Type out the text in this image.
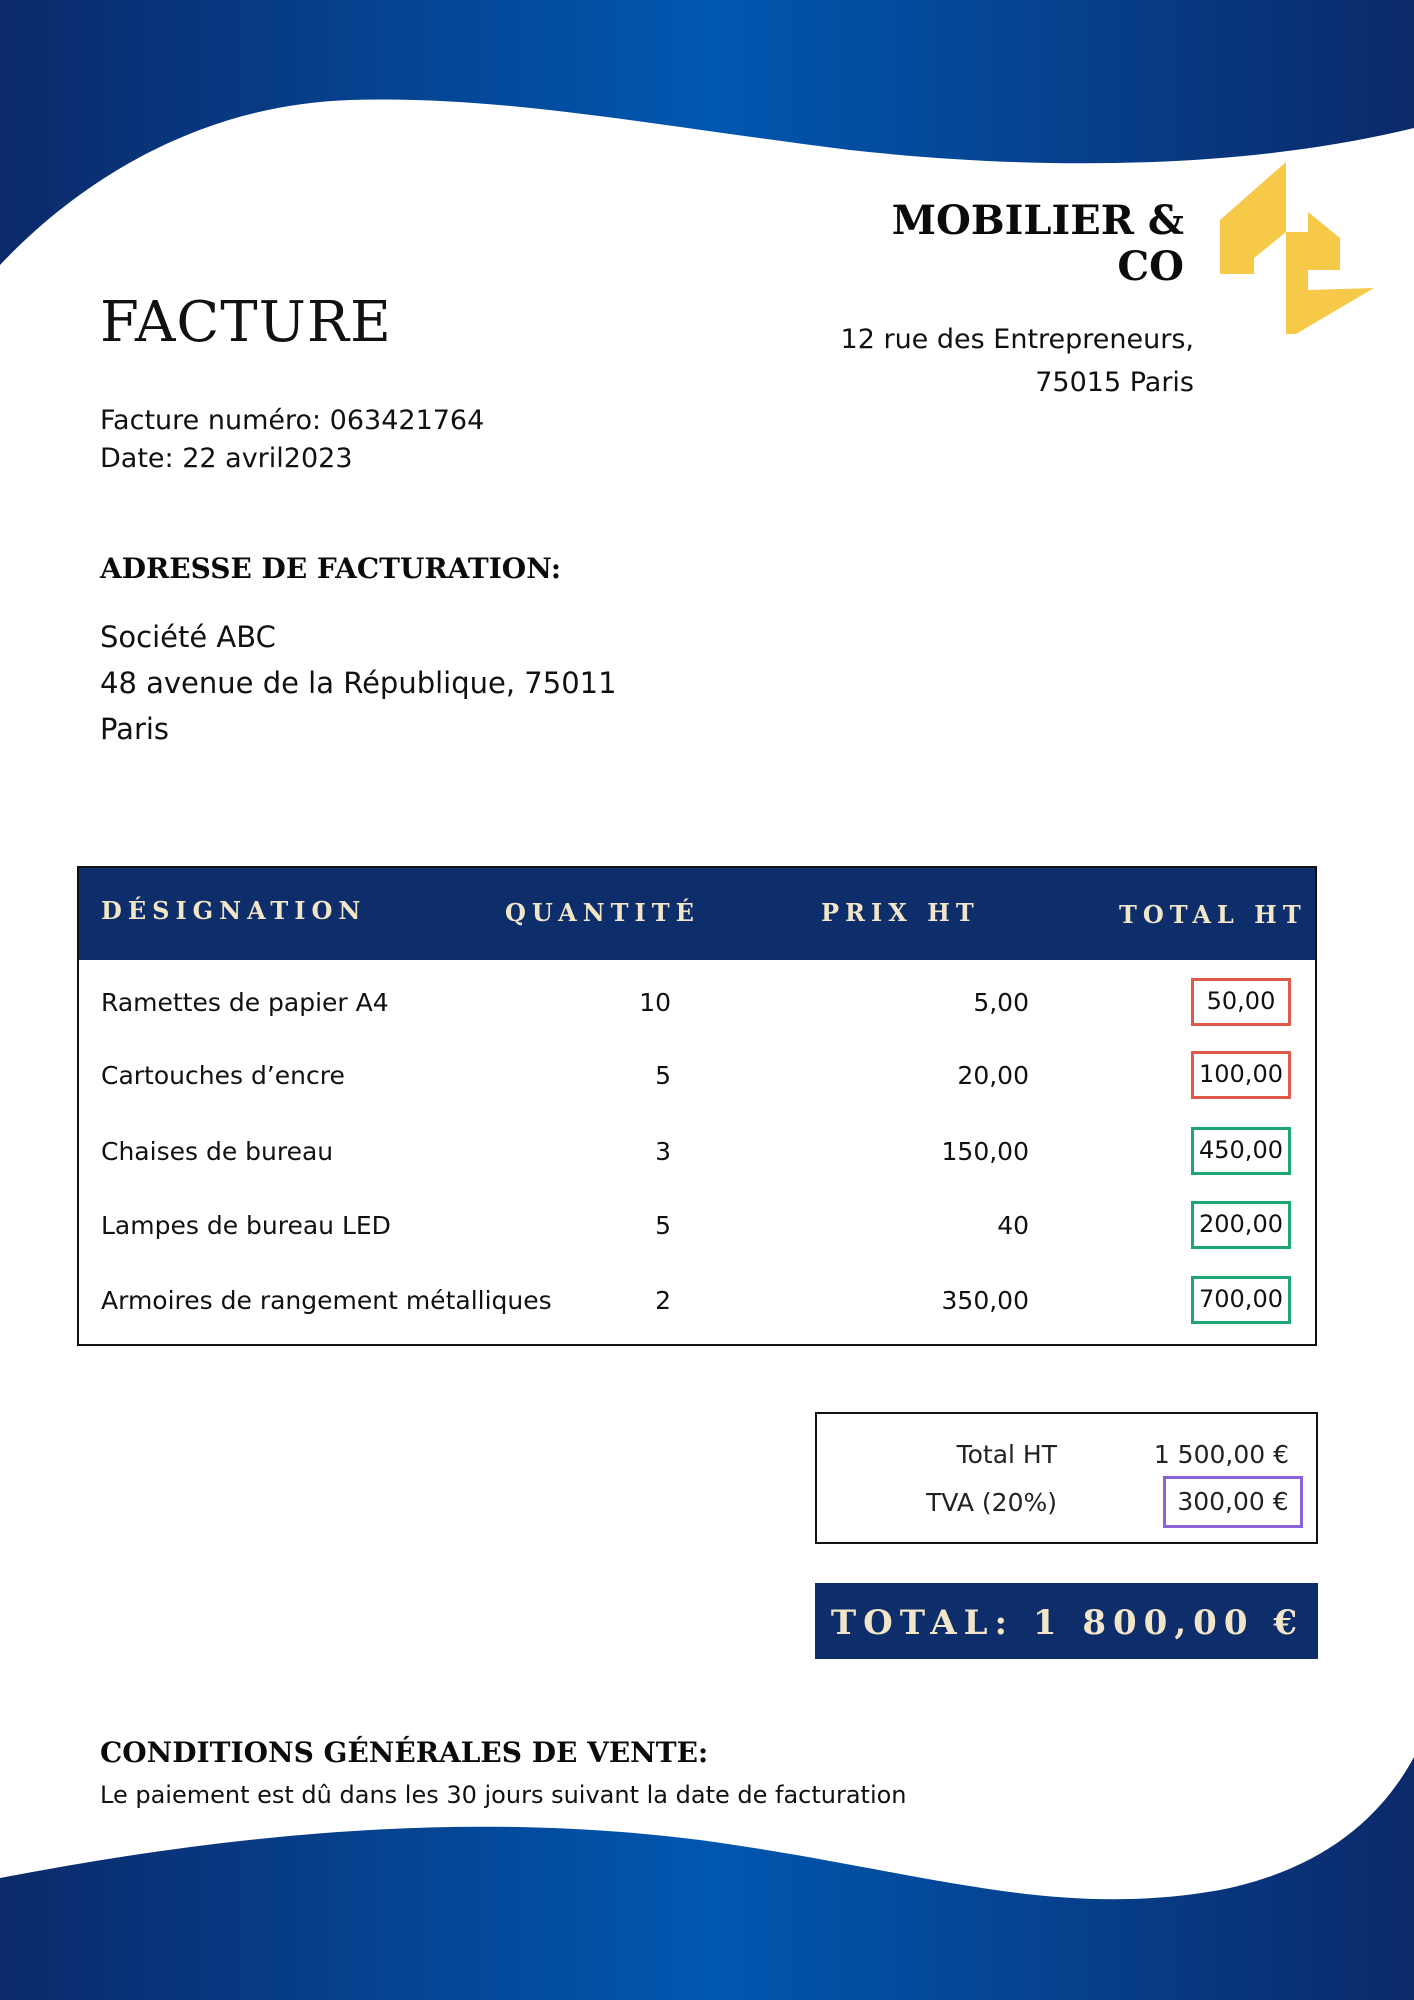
MOBILIER &
CO
12 rue des Entrepreneurs,
75015 Paris
FACTURE
Facture numéro: 063421764
Date: 22 avril2023
ADRESSE DE FACTURATION:
Société ABC
48 avenue de la République, 75011
Paris
DÉSIGNATION	QUANTITÉ	PRIX HT	TOTAL HT
Ramettes de papier A4	10	5,00	50,00
Cartouches d’encre	5	20,00	100,00
Chaises de bureau	3	150,00	450,00
Lampes de bureau LED	5	40	200,00
Armoires de rangement métalliques	2	350,00	700,00
Total HT	1 500,00 €
TVA (20%)	300,00 €
TOTAL: 1 800,00 €
CONDITIONS GÉNÉRALES DE VENTE:
Le paiement est dû dans les 30 jours suivant la date de facturation
